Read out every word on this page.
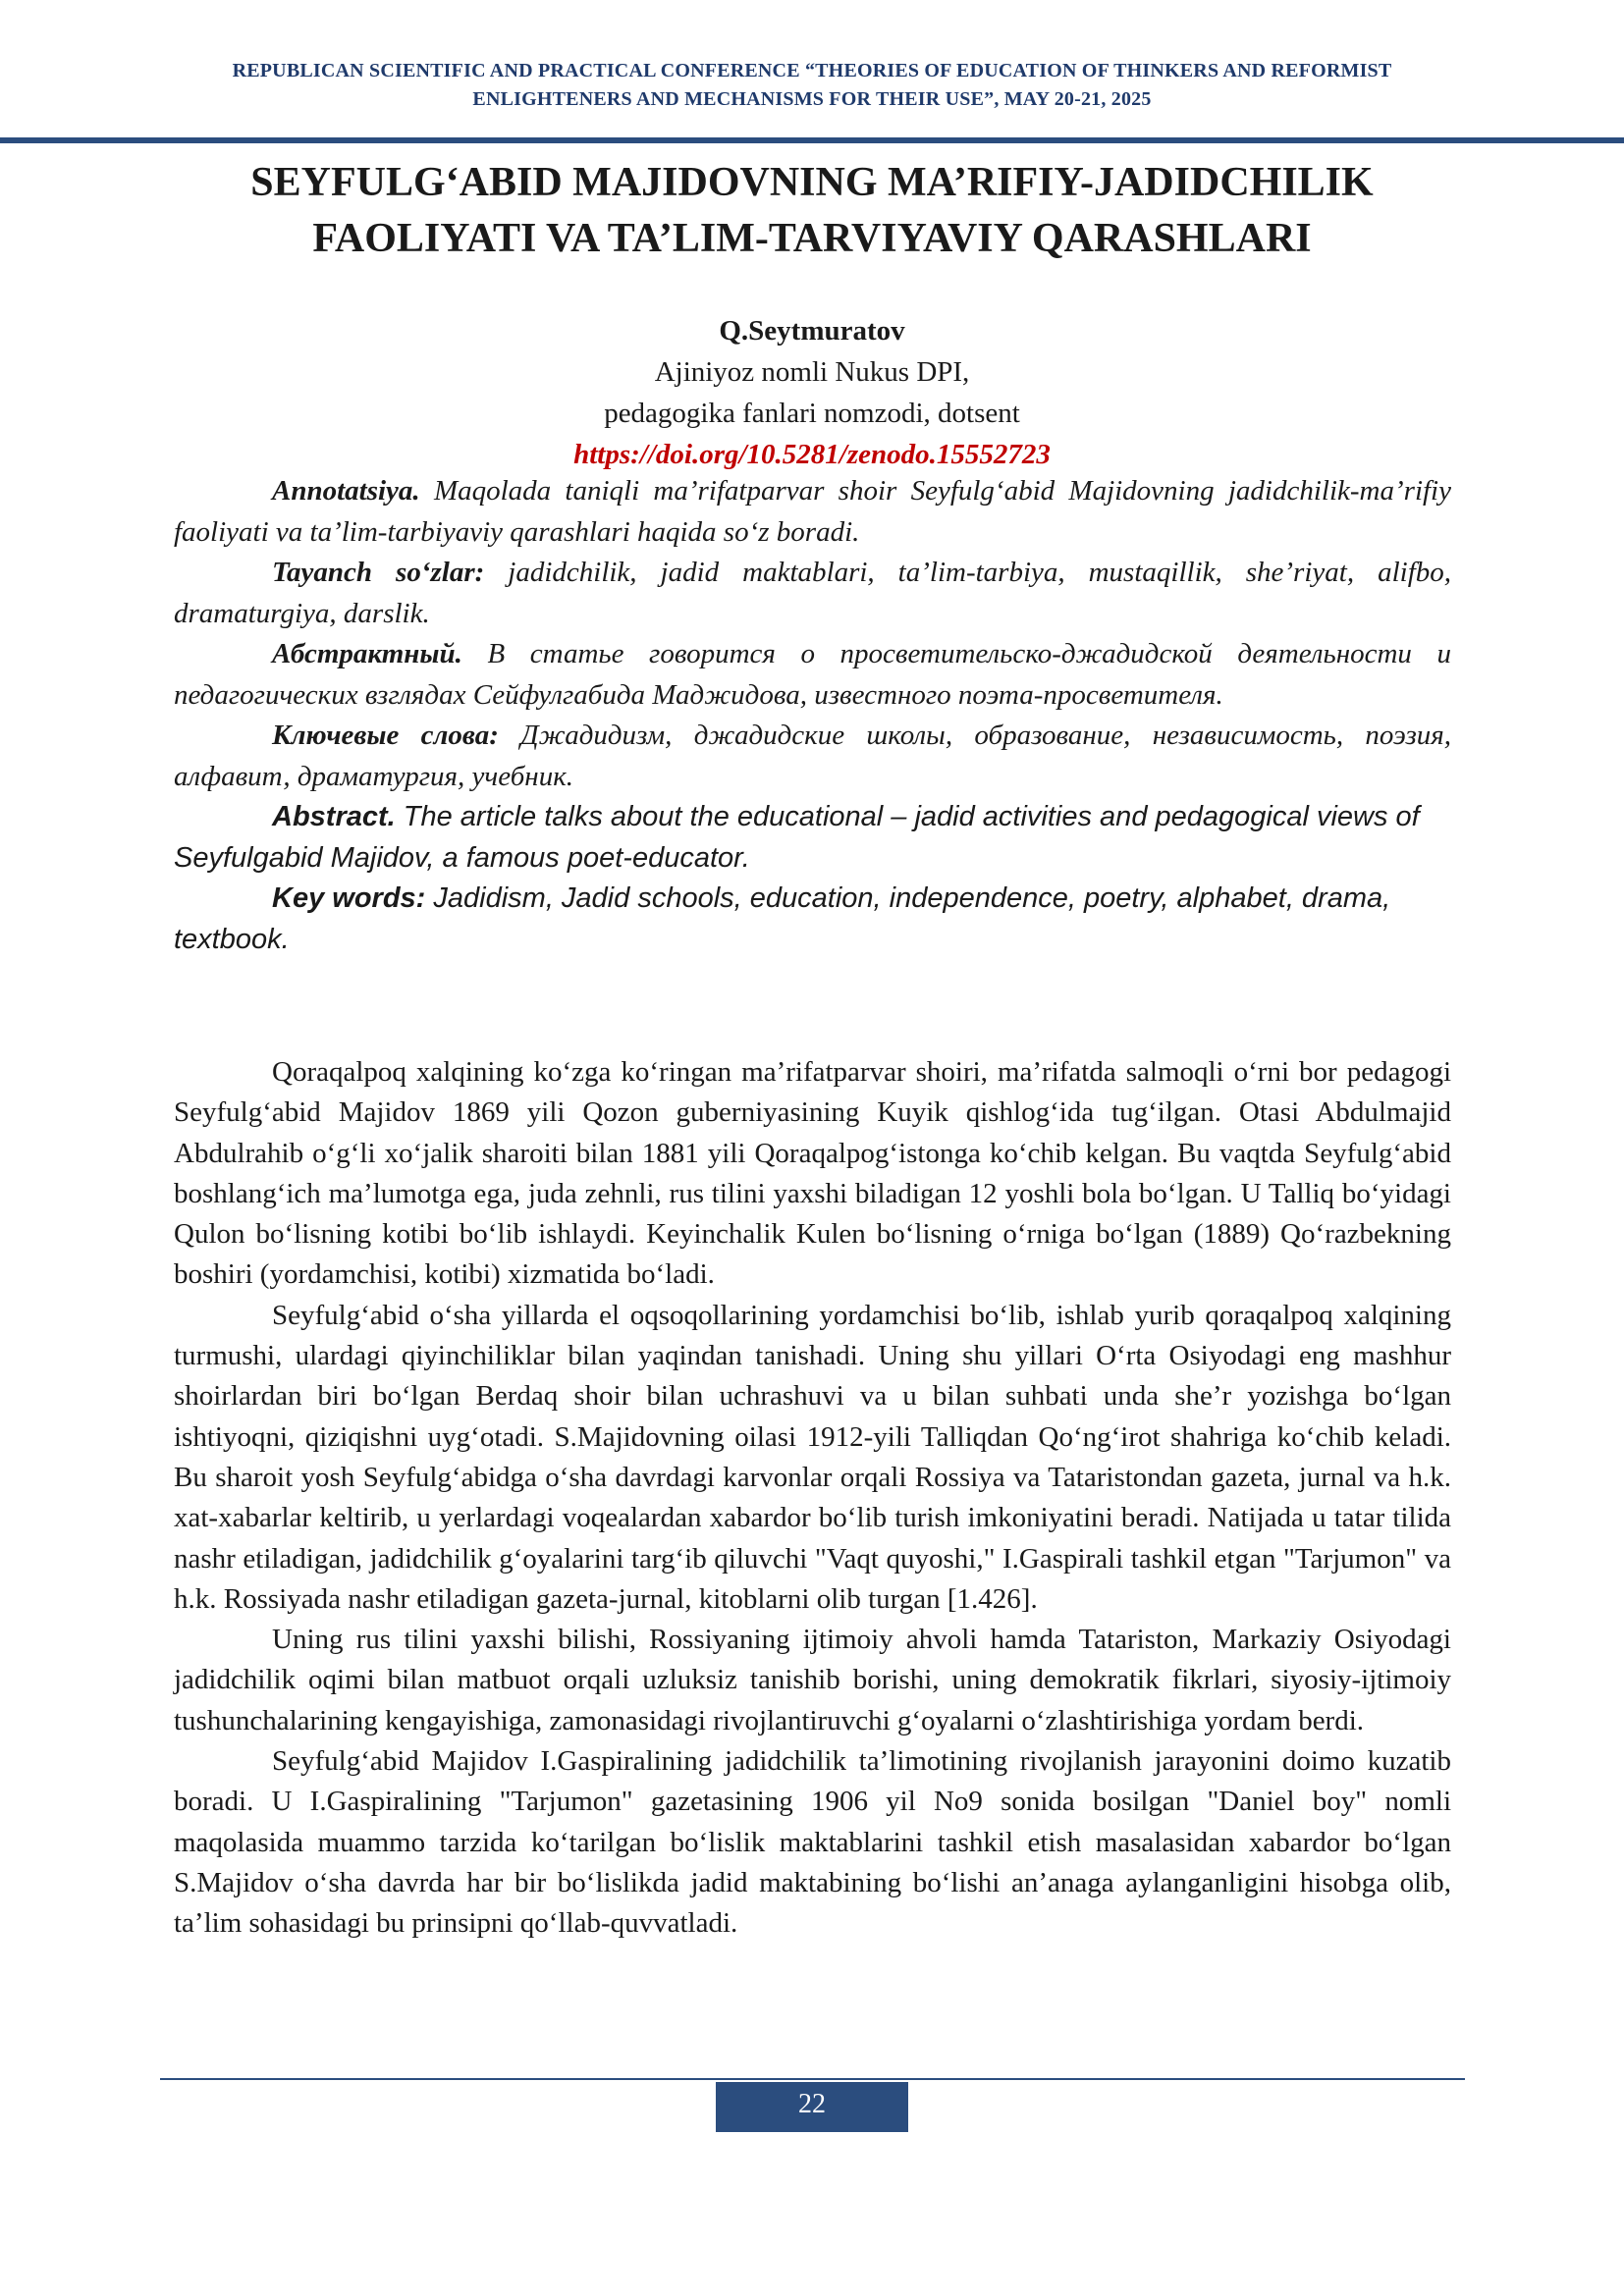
REPUBLICAN SCIENTIFIC AND PRACTICAL CONFERENCE “THEORIES OF EDUCATION OF THINKERS AND REFORMIST
ENLIGHTENERS AND MECHANISMS FOR THEIR USE”, MAY 20-21, 2025
SEYFULG‘ABID MAJIDOVNING MA’RIFIY-JADIDCHILIK
FAOLIYATI VA TA’LIM-TARVIYAVIY QARASHLARI
Q.Seytmuratov
Ajiniyoz nomli Nukus DPI,
pedagogika fanlari nomzodi, dotsent
https://doi.org/10.5281/zenodo.15552723

Annotatsiya. Maqolada taniqli ma’rifatparvar shoir Seyfulg‘abid Majidovning jadidchilik-ma’rifiy faoliyati va ta’lim-tarbiyaviy qarashlari haqida so‘z boradi.

Tayanch so‘zlar: jadidchilik, jadid maktablari, ta’lim-tarbiya, mustaqillik, she’riyat, alifbo, dramaturgiya, darslik.

Абстрактный. В статье говорится о просветительско-джадидской деятельности и педагогических взглядах Сейфулгабида Маджидова, известного поэта-просветителя.

Ключевые слова: Джадидизм, джадидские школы, образование, независимость, поэзия, алфавит, драматургия, учебник.

Abstract. The article talks about the educational – jadid activities and pedagogical views of Seyfulgabid Majidov, a famous poet-educator.

Key words: Jadidism, Jadid schools, education, independence, poetry, alphabet, drama, textbook.

Qoraqalpoq xalqining ko‘zga ko‘ringan ma’rifatparvar shoiri, ma’rifatda salmoqli o‘rni bor pedagogi Seyfulg‘abid Majidov 1869 yili Qozon guberniyasining Kuyik qishlog‘ida tug‘ilgan. Otasi Abdulmajid Abdulrahib o‘g‘li xo‘jalik sharoiti bilan 1881 yili Qoraqalpog‘istonga ko‘chib kelgan. Bu vaqtda Seyfulg‘abid boshlang‘ich ma’lumotga ega, juda zehnli, rus tilini yaxshi biladigan 12 yoshli bola bo‘lgan. U Talliq bo‘yidagi Qulon bo‘lisning kotibi bo‘lib ishlaydi. Keyinchalik Kulen bo‘lisning o‘rniga bo‘lgan (1889) Qo‘razbekning boshiri (yordamchisi, kotibi) xizmatida bo‘ladi.

Seyfulg‘abid o‘sha yillarda el oqsoqollarining yordamchisi bo‘lib, ishlab yurib qoraqalpoq xalqining turmushi, ulardagi qiyinchiliklar bilan yaqindan tanishadi. Uning shu yillari O‘rta Osiyodagi eng mashhur shoirlardan biri bo‘lgan Berdaq shoir bilan uchrashuvi va u bilan suhbati unda she’r yozishga bo‘lgan ishtiyoqni, qiziqishni uyg‘otadi. S.Majidovning oilasi 1912-yili Talliqdan Qo‘ng‘irot shahriga ko‘chib keladi. Bu sharoit yosh Seyfulg‘abidga o‘sha davrdagi karvonlar orqali Rossiya va Tataristondan gazeta, jurnal va h.k. xat-xabarlar keltirib, u yerlardagi voqealardan xabardor bo‘lib turish imkoniyatini beradi. Natijada u tatar tilida nashr etiladigan, jadidchilik g‘oyalarini targ‘ib qiluvchi "Vaqt quyoshi," I.Gaspirali tashkil etgan "Tarjumon" va h.k. Rossiyada nashr etiladigan gazeta-jurnal, kitoblarni olib turgan [1.426].

Uning rus tilini yaxshi bilishi, Rossiyaning ijtimoiy ahvoli hamda Tatariston, Markaziy Osiyodagi jadidchilik oqimi bilan matbuot orqali uzluksiz tanishib borishi, uning demokratik fikrlari, siyosiy-ijtimoiy tushunchalarining kengayishiga, zamonasidagi rivojlantiruvchi g‘oyalarni o‘zlashtirishiga yordam berdi.

Seyfulg‘abid Majidov I.Gaspiralining jadidchilik ta’limotining rivojlanish jarayonini doimo kuzatib boradi. U I.Gaspiralining "Tarjumon" gazetasining 1906 yil No9 sonida bosilgan "Daniel boy" nomli maqolasida muammo tarzida ko‘tarilgan bo‘lislik maktablarini tashkil etish masalasidan xabardor bo‘lgan S.Majidov o‘sha davrda har bir bo‘lislikda jadid maktabining bo‘lishi an’anaga aylanganligini hisobga olib, ta’lim sohasidagi bu prinsipni qo‘llab-quvvatladi.

22
